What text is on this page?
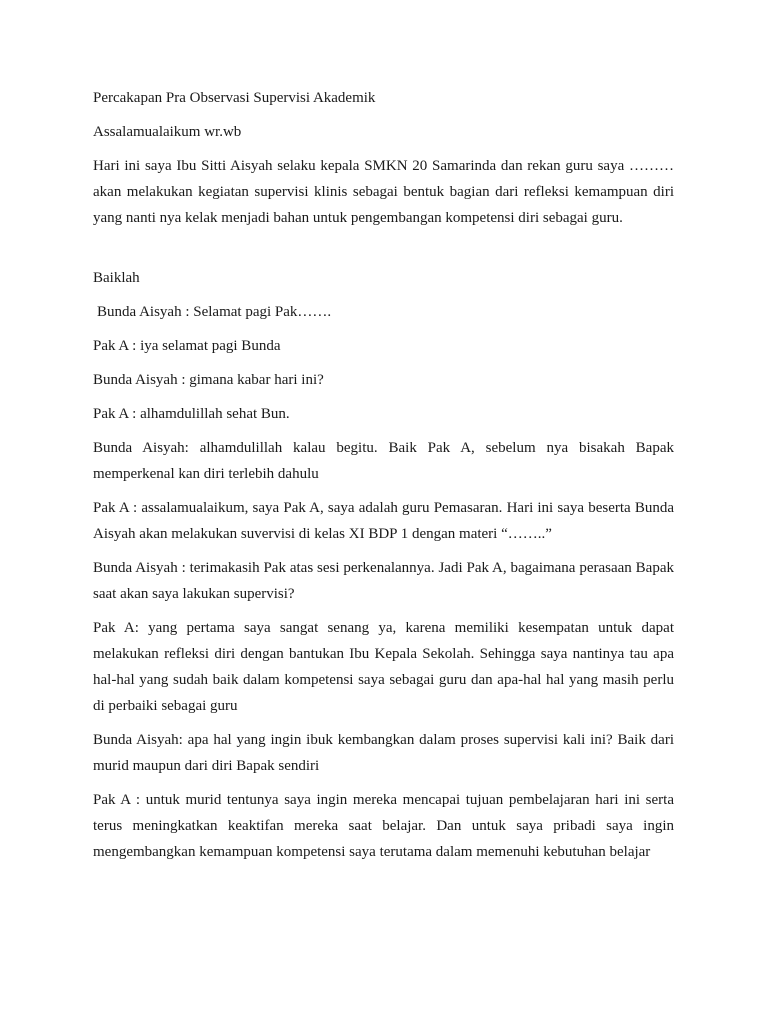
Percakapan Pra Observasi Supervisi Akademik

Assalamualaikum wr.wb

Hari ini saya Ibu Sitti Aisyah selaku kepala SMKN 20 Samarinda dan rekan guru saya ……… akan melakukan kegiatan supervisi klinis sebagai bentuk bagian dari refleksi kemampuan diri yang nanti nya kelak menjadi bahan untuk pengembangan kompetensi diri sebagai guru.

Baiklah

Bunda Aisyah : Selamat pagi Pak…….

Pak A : iya selamat pagi Bunda

Bunda Aisyah : gimana kabar hari ini?

Pak A : alhamdulillah sehat Bun.

Bunda Aisyah: alhamdulillah kalau begitu. Baik Pak A, sebelum nya bisakah Bapak memperkenal kan diri terlebih dahulu

Pak A : assalamualaikum, saya Pak A, saya adalah guru Pemasaran. Hari ini saya beserta Bunda Aisyah akan melakukan suvervisi di kelas XI BDP 1 dengan materi “……..”

Bunda Aisyah : terimakasih Pak atas sesi perkenalannya. Jadi Pak A, bagaimana perasaan Bapak saat akan saya lakukan supervisi?

Pak A: yang pertama saya sangat senang ya, karena memiliki kesempatan untuk dapat melakukan refleksi diri dengan bantukan Ibu Kepala Sekolah. Sehingga saya nantinya tau apa hal-hal yang sudah baik dalam kompetensi saya sebagai guru dan apa-hal hal yang masih perlu di perbaiki sebagai guru

Bunda Aisyah: apa hal yang ingin ibuk kembangkan dalam proses supervisi kali ini? Baik dari murid maupun dari diri Bapak sendiri

Pak A : untuk murid tentunya saya ingin mereka mencapai tujuan pembelajaran hari ini serta terus meningkatkan keaktifan mereka saat belajar. Dan untuk saya pribadi saya ingin mengembangkan kemampuan kompetensi saya terutama dalam memenuhi kebutuhan belajar
